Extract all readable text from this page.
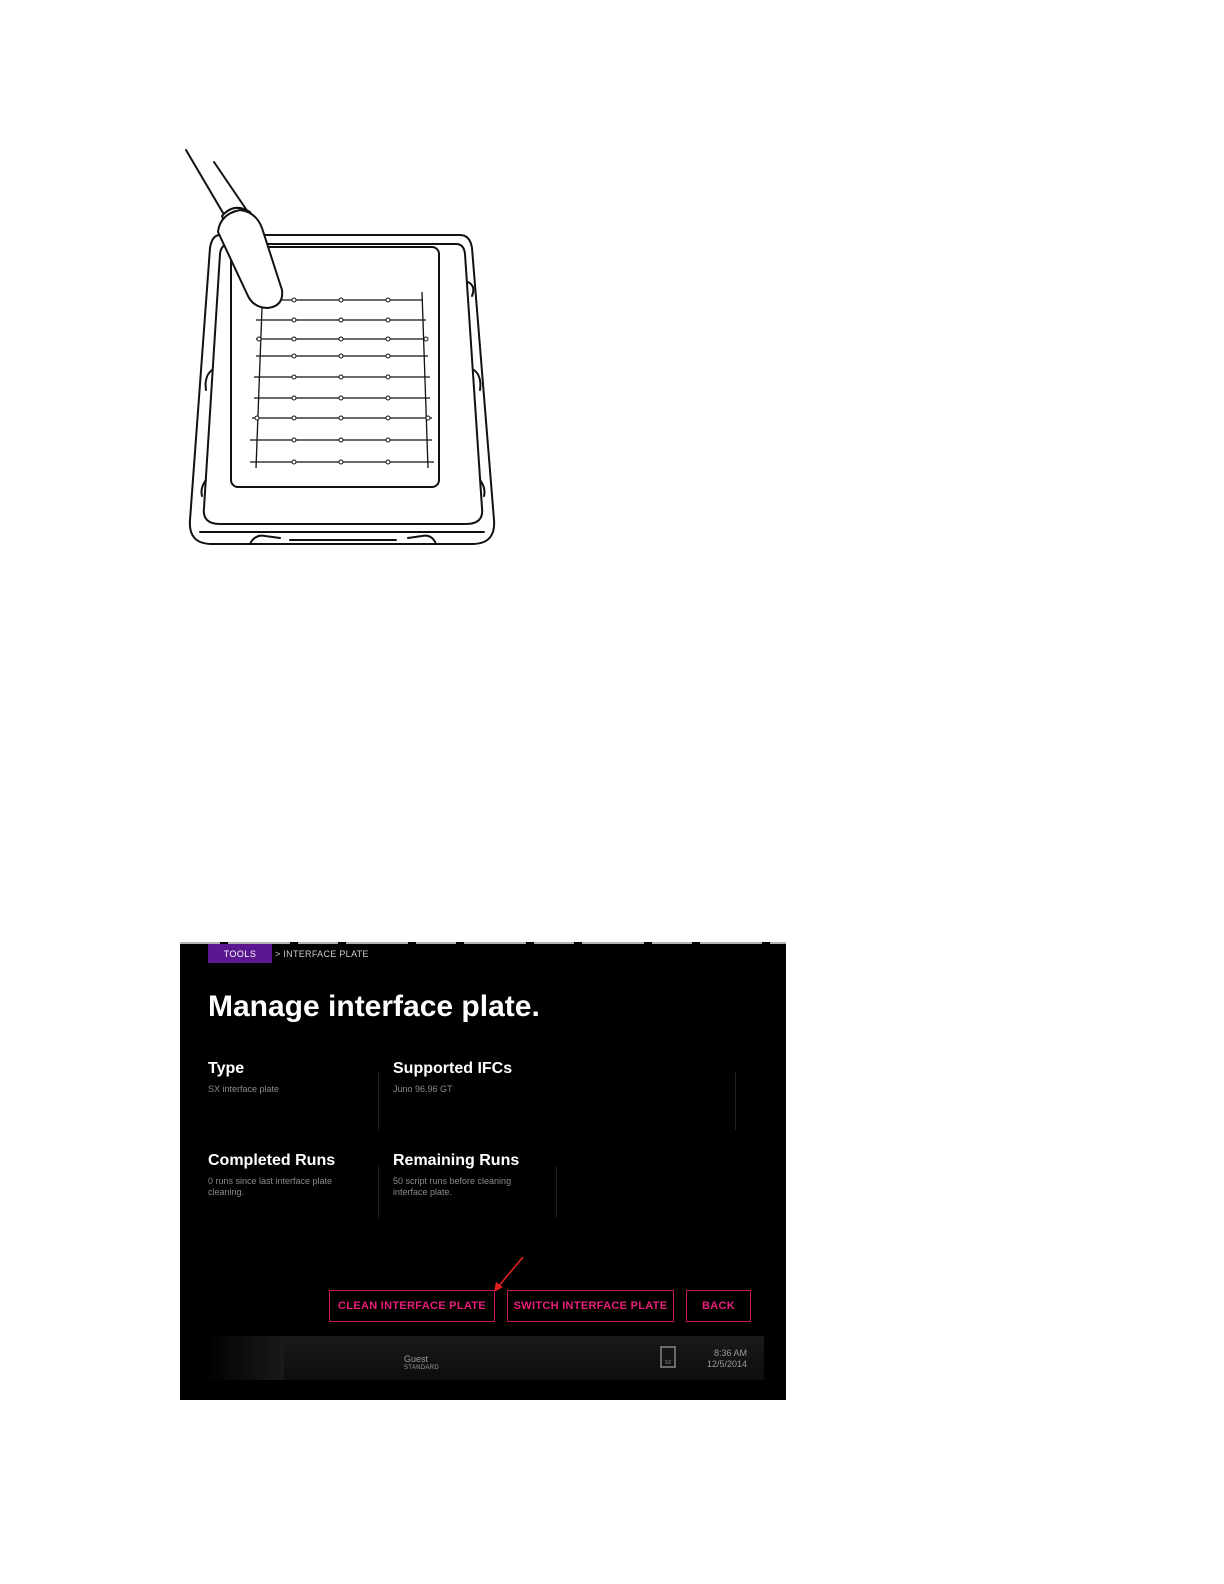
TOOLS	> INTERFACE PLATE
Manage interface plate.
Type

SX interface plate

Supported IFCs

Juno 96.96 GT

Completed Runs

0 runs since last interface plate cleaning.

Remaining Runs

50 script runs before cleaning interface plate.

CLEAN INTERFACE PLATE	SWITCH INTERFACE PLATE	BACK
Guest
STANDARD
SX
8:36 AM
12/5/2014
